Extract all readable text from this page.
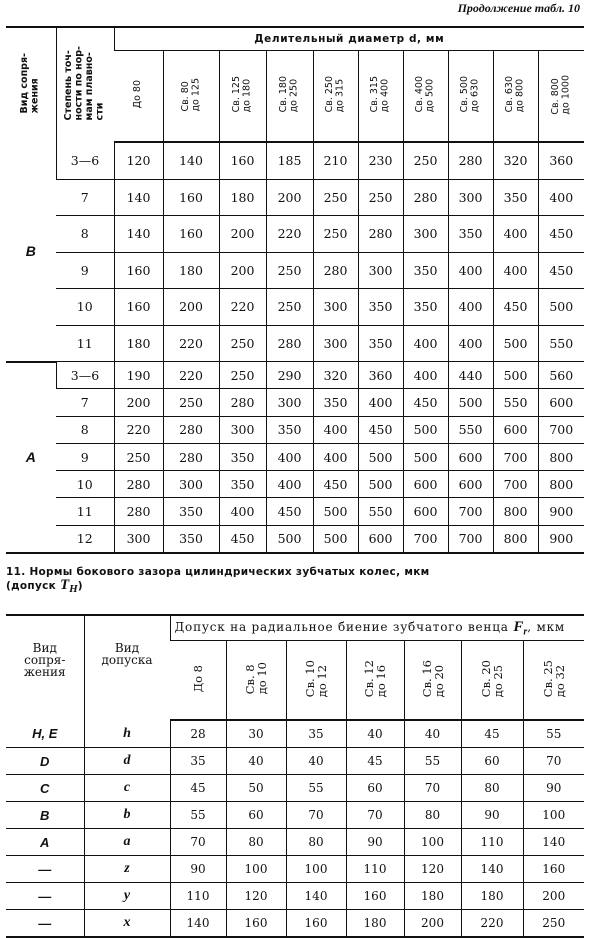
Продолжение табл. 10
Вид сопря-
жения	Степень точ-
ности по нор-
мам плавно-
сти	Делительный диаметр d, мм									
		До 80	Св. 80
до 125	Св. 125
до 180	Св. 180
до 250	Св. 250
до 315	Св. 315
до 400	Св. 400
до 500	Св. 500
до 630	Св. 630
до 800	Св. 800
до 1000
B	3—6	120	140	160	185	210	230	250	280	320	360
	7	140	160	180	200	250	250	280	300	350	400
	8	140	160	200	220	250	280	300	350	400	450
	9	160	180	200	250	280	300	350	400	400	450
	10	160	200	220	250	300	350	350	400	450	500
	11	180	220	250	280	300	350	400	400	500	550
A	3—6	190	220	250	290	320	360	400	440	500	560
	7	200	250	280	300	350	400	450	500	550	600
	8	220	280	300	350	400	450	500	550	600	700
	9	250	280	350	400	400	500	500	600	700	800
	10	280	300	350	400	450	500	600	600	700	800
	11	280	350	400	450	500	550	600	700	800	900
	12	300	350	450	500	500	600	700	700	800	900
11. Нормы бокового зазора цилиндрических зубчатых колес, мкм
(допуск $T_H$)
Вид
сопря-
жения	Вид
допуска	Допуск на радиальное биение зубчатого венца $F_r$, мкм						
		До 8	Св. 8
до 10	Св. 10
до 12	Св. 12
до 16	Св. 16
до 20	Св. 20
до 25	Св. 25
до 32
H, E	h	28	30	35	40	40	45	55
D	d	35	40	40	45	55	60	70
C	c	45	50	55	60	70	80	90
B	b	55	60	70	70	80	90	100
A	a	70	80	80	90	100	110	140
—	z	90	100	100	110	120	140	160
—	y	110	120	140	160	180	180	200
—	x	140	160	160	180	200	220	250
